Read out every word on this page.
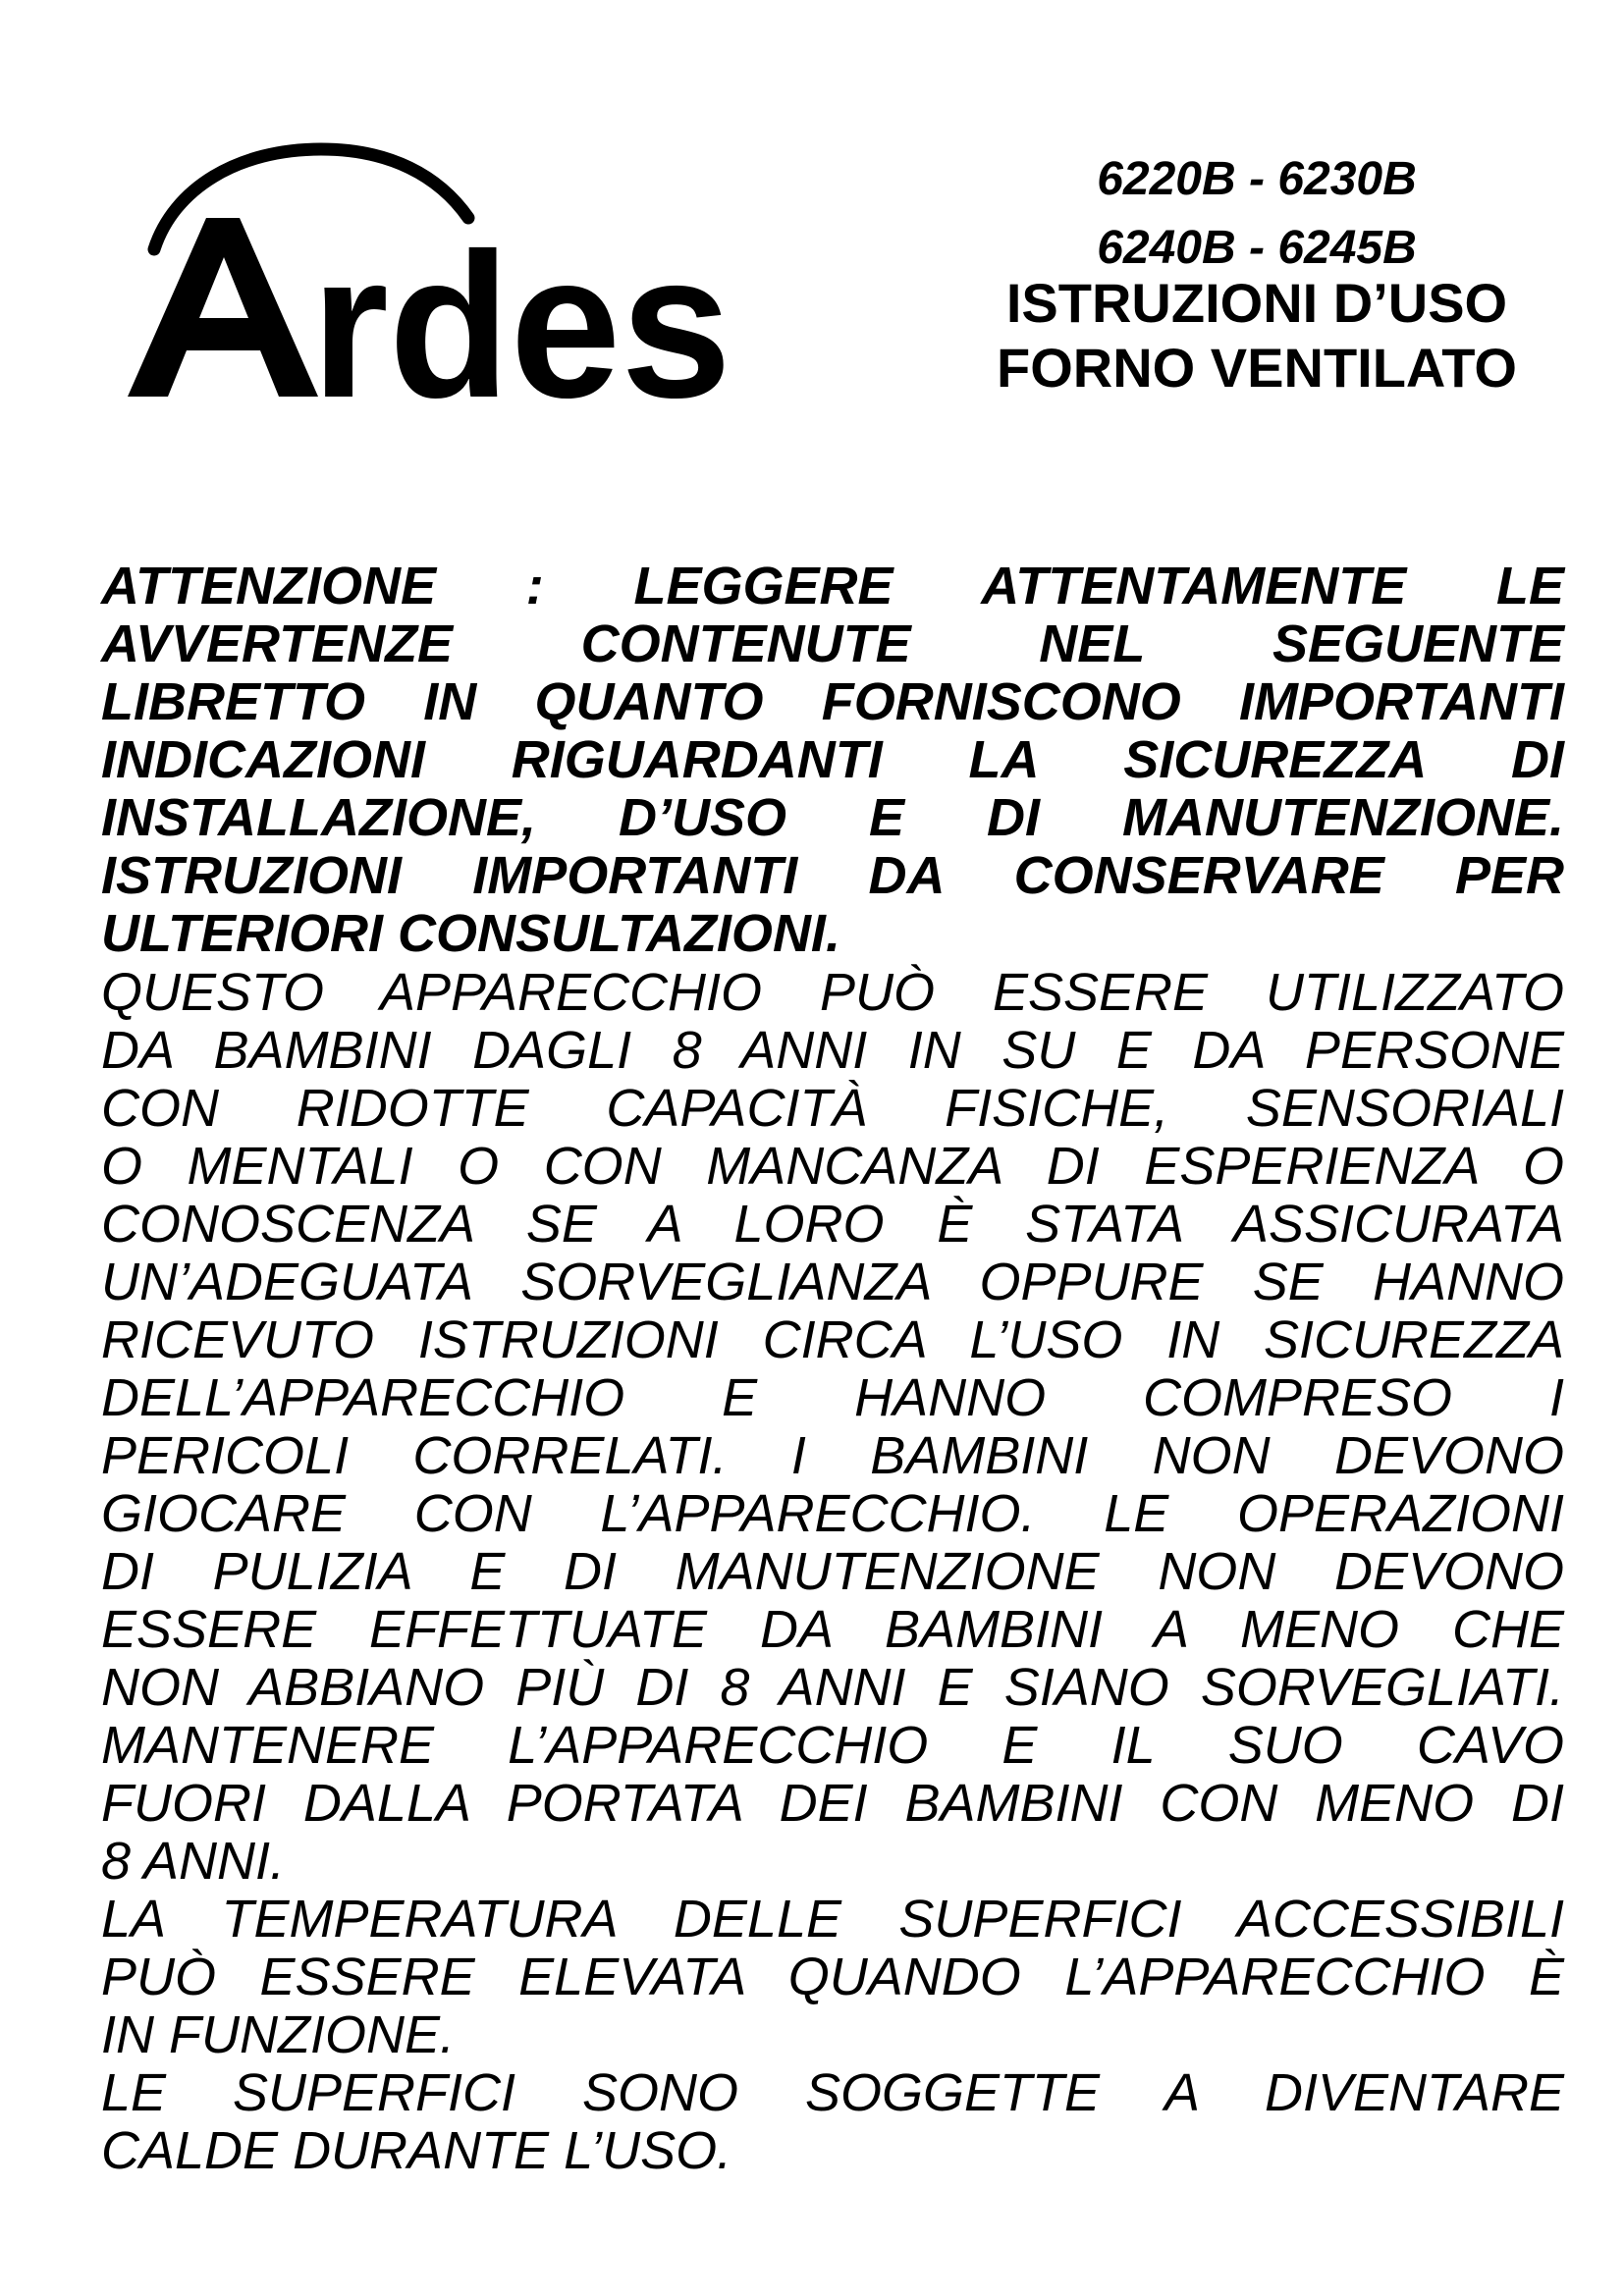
rdes
6220B - 6230B
6240B - 6245B
ISTRUZIONI D’USO
FORNO VENTILATO
ATTENZIONE : LEGGERE ATTENTAMENTE LE
AVVERTENZE CONTENUTE NEL SEGUENTE
LIBRETTO IN QUANTO FORNISCONO IMPORTANTI
INDICAZIONI RIGUARDANTI LA SICUREZZA DI
INSTALLAZIONE, D’USO E DI MANUTENZIONE.
ISTRUZIONI IMPORTANTI DA CONSERVARE PER
ULTERIORI CONSULTAZIONI.
QUESTO APPARECCHIO PUÒ ESSERE UTILIZZATO
DA BAMBINI DAGLI 8 ANNI IN SU E DA PERSONE
CON RIDOTTE CAPACITÀ FISICHE, SENSORIALI
O MENTALI O CON MANCANZA DI ESPERIENZA O
CONOSCENZA SE A LORO È STATA ASSICURATA
UN’ADEGUATA SORVEGLIANZA OPPURE SE HANNO
RICEVUTO ISTRUZIONI CIRCA L’USO IN SICUREZZA
DELL’APPARECCHIO E HANNO COMPRESO I
PERICOLI CORRELATI. I BAMBINI NON DEVONO
GIOCARE CON L’APPARECCHIO. LE OPERAZIONI
DI PULIZIA E DI MANUTENZIONE NON DEVONO
ESSERE EFFETTUATE DA BAMBINI A MENO CHE
NON ABBIANO PIÙ DI 8 ANNI E SIANO SORVEGLIATI.
MANTENERE L’APPARECCHIO E IL SUO CAVO
FUORI DALLA PORTATA DEI BAMBINI CON MENO DI
8 ANNI.
LA TEMPERATURA DELLE SUPERFICI ACCESSIBILI
PUÒ ESSERE ELEVATA QUANDO L’APPARECCHIO È
IN FUNZIONE.
LE SUPERFICI SONO SOGGETTE A DIVENTARE
CALDE DURANTE L’USO.
